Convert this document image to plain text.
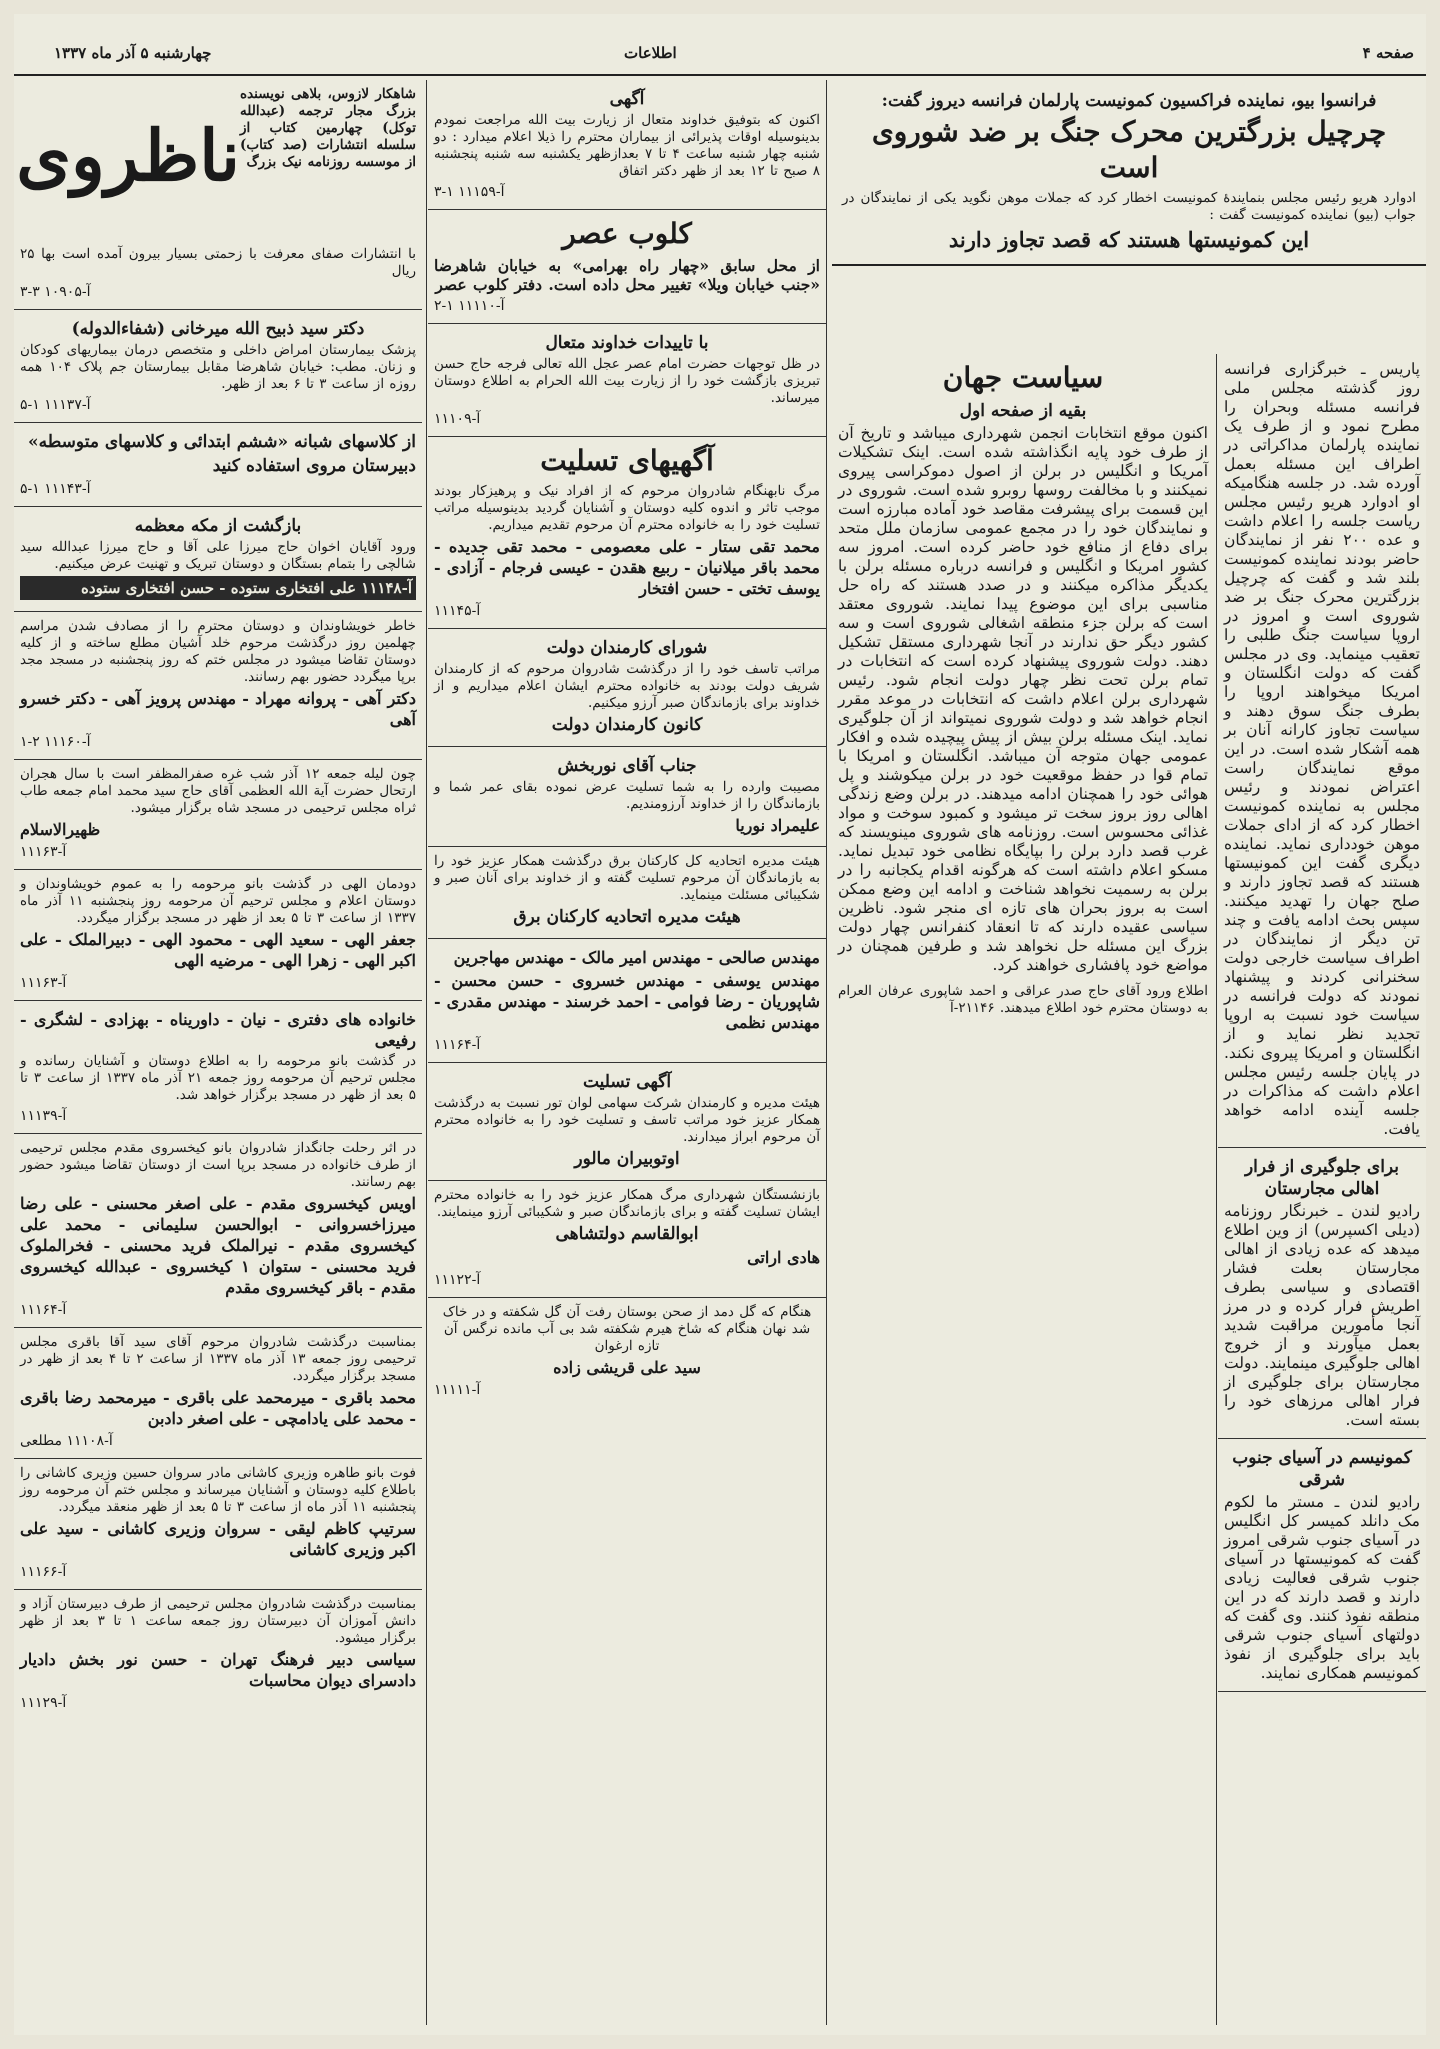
صفحه ۴
اطلاعات
چهارشنبه ۵ آذر ماه ۱۳۳۷
فرانسوا بیو، نماینده فراکسیون کمونیست پارلمان فرانسه دیروز گفت:
چرچیل بزرگترین محرک جنگ بر ضد شوروی است

ادوارد هریو رئیس مجلس بنمایندۀ کمونیست اخطار کرد که جملات موهن نگوید یکی از نمایندگان در جواب (بیو) نماینده کمونیست گفت :

این کمونیستها هستند که قصد تجاوز دارند

پاریس ـ خبرگزاری فرانسه روز گذشته مجلس ملی فرانسه مسئله وبحران را مطرح نمود و از طرف یک نماینده پارلمان مداکراتی در اطراف این مسئله بعمل آورده شد. در جلسه هنگامیکه او ادوارد هریو رئیس مجلس ریاست جلسه را اعلام داشت و عده ۲۰۰ نفر از نمایندگان حاضر بودند نماینده کمونیست بلند شد و گفت که چرچیل بزرگترین محرک جنگ بر ضد شوروی است و امروز در اروپا سیاست جنگ طلبی را تعقیب مینماید. وی در مجلس گفت که دولت انگلستان و امریکا میخواهند اروپا را بطرف جنگ سوق دهند و سیاست تجاوز کارانه آنان بر همه آشکار شده است. در این موقع نمایندگان راست اعتراض نمودند و رئیس مجلس به نماینده کمونیست اخطار کرد که از ادای جملات موهن خودداری نماید. نماینده دیگری گفت این کمونیستها هستند که قصد تجاوز دارند و صلح جهان را تهدید میکنند. سپس بحث ادامه یافت و چند تن دیگر از نمایندگان در اطراف سیاست خارجی دولت سخنرانی کردند و پیشنهاد نمودند که دولت فرانسه در سیاست خود نسبت به اروپا تجدید نظر نماید و از انگلستان و امریکا پیروی نکند. در پایان جلسه رئیس مجلس اعلام داشت که مذاکرات در جلسه آینده ادامه خواهد یافت.

برای جلوگیری از فرار اهالی مجارستان

رادیو لندن ـ خبرنگار روزنامه (دیلی اکسپرس) از وین اطلاع میدهد که عده زیادی از اهالی مجارستان بعلت فشار اقتصادی و سیاسی بطرف اطریش فرار کرده و در مرز آنجا مأمورین مراقبت شدید بعمل میآورند و از خروج اهالی جلوگیری مینمایند. دولت مجارستان برای جلوگیری از فرار اهالی مرزهای خود را بسته است.

کمونیسم در آسیای جنوب شرقی

رادیو لندن ـ مستر ما لکوم مک دانلد کمیسر کل انگلیس در آسیای جنوب شرقی امروز گفت که کمونیستها در آسیای جنوب شرقی فعالیت زیادی دارند و قصد دارند که در این منطقه نفوذ کنند. وی گفت که دولتهای آسیای جنوب شرقی باید برای جلوگیری از نفوذ کمونیسم همکاری نمایند.

سیاست جهان
بقیه از صفحه اول

اکنون موقع انتخابات انجمن شهرداری میباشد و تاریخ آن از طرف خود پایه انگذاشته شده است. اینک تشکیلات آمریکا و انگلیس در برلن از اصول دموکراسی پیروی نمیکنند و با مخالفت روسها روبرو شده است. شوروی در این قسمت برای پیشرفت مقاصد خود آماده مبارزه است و نمایندگان خود را در مجمع عمومی سازمان ملل متحد برای دفاع از منافع خود حاضر کرده است. امروز سه کشور امریکا و انگلیس و فرانسه درباره مسئله برلن با یکدیگر مذاکره میکنند و در صدد هستند که راه حل مناسبی برای این موضوع پیدا نمایند. شوروی معتقد است که برلن جزء منطقه اشغالی شوروی است و سه کشور دیگر حق ندارند در آنجا شهرداری مستقل تشکیل دهند. دولت شوروی پیشنهاد کرده است که انتخابات در تمام برلن تحت نظر چهار دولت انجام شود. رئیس شهرداری برلن اعلام داشت که انتخابات در موعد مقرر انجام خواهد شد و دولت شوروی نمیتواند از آن جلوگیری نماید. اینک مسئله برلن بیش از پیش پیچیده شده و افکار عمومی جهان متوجه آن میباشد. انگلستان و امریکا با تمام قوا در حفظ موقعیت خود در برلن میکوشند و پل هوائی خود را همچنان ادامه میدهند. در برلن وضع زندگی اهالی روز بروز سخت تر میشود و کمبود سوخت و مواد غذائی محسوس است. روزنامه های شوروی مینویسند که غرب قصد دارد برلن را بپایگاه نظامی خود تبدیل نماید. مسکو اعلام داشته است که هرگونه اقدام یکجانبه را در برلن به رسمیت نخواهد شناخت و ادامه این وضع ممکن است به بروز بحران های تازه ای منجر شود. ناظرین سیاسی عقیده دارند که تا انعقاد کنفرانس چهار دولت بزرگ این مسئله حل نخواهد شد و طرفین همچنان در مواضع خود پافشاری خواهند کرد.

اطلاع ورود آقای حاج صدر عراقی و احمد شاپوری عرفان العرام به دوستان محترم خود اطلاع میدهند. ۲۱۱۴۶-آ

آگهی

اکنون که بتوفیق خداوند متعال از زیارت بیت الله مراجعت نمودم بدینوسیله اوقات پذیرائی از بیماران محترم را ذیلا اعلام میدارد : دو شنبه چهار شنبه ساعت ۴ تا ۷ بعدازظهر یکشنبه سه شنبه پنجشنبه ۸ صبح تا ۱۲ بعد از ظهر دکتر اتفاق

آ-۱۱۱۵۹ ۱-۳
کلوب عصر

از محل سابق «چهار راه بهرامی» به خیابان شاهرضا «جنب خیابان ویلا» تغییر محل داده است. دفتر کلوب عصر

آ-۱۱۱۱۰ ۱-۲
با تاییدات خداوند متعال

در ظل توجهات حضرت امام عصر عجل الله تعالی فرجه حاج حسن تبریزی بازگشت خود را از زیارت بیت الله الحرام به اطلاع دوستان میرساند.

آ-۱۱۱۰۹
آگهیهای تسلیت

مرگ نابهنگام شادروان مرحوم که از افراد نیک و پرهیزکار بودند موجب تاثر و اندوه کلیه دوستان و آشنایان گردید بدینوسیله مراتب تسلیت خود را به خانواده محترم آن مرحوم تقدیم میداریم.

محمد تقی ستار - علی معصومی - محمد تقی جدیده - محمد باقر میلانیان - ربیع هقدن - عیسی فرجام - آزادی - یوسف تختی - حسن افتخار
آ-۱۱۱۴۵
شورای کارمندان دولت

مراتب تاسف خود را از درگذشت شادروان مرحوم که از کارمندان شریف دولت بودند به خانواده محترم ایشان اعلام میداریم و از خداوند برای بازماندگان صبر آرزو میکنیم.

کانون کارمندان دولت
جناب آقای نوربخش

مصیبت وارده را به شما تسلیت عرض نموده بقای عمر شما و بازماندگان را از خداوند آرزومندیم.

علیمراد نوریا

هیئت مدیره اتحادیه کل کارکنان برق درگذشت همکار عزیز خود را به بازماندگان آن مرحوم تسلیت گفته و از خداوند برای آنان صبر و شکیبائی مسئلت مینماید.

هیئت مدیره اتحادیه کارکنان برق
مهندس صالحی - مهندس امیر مالک - مهندس مهاجرین
مهندس یوسفی - مهندس خسروی - حسن محسن - شاپوریان - رضا فوامی - احمد خرسند - مهندس مقدری - مهندس نظمی
آ-۱۱۱۶۴
آگهی تسلیت

هیئت مدیره و کارمندان شرکت سهامی لوان تور نسبت به درگذشت همکار عزیز خود مراتب تاسف و تسلیت خود را به خانواده محترم آن مرحوم ابراز میدارند.

اوتوبیران مالور

بازنشستگان شهرداری مرگ همکار عزیز خود را به خانواده محترم ایشان تسلیت گفته و برای بازماندگان صبر و شکیبائی آرزو مینمایند.

ابوالقاسم دولتشاهی
هادی اراتی
آ-۱۱۱۲۲

هنگام که گل دمد از صحن بوستان رفت آن گل شکفته و در خاک شد نهان هنگام که شاخ هیرم شکفته شد بی آب مانده نرگس آن تازه ارغوان

سید علی قریشی زاده
آ-۱۱۱۱۱

شاهکار لازوس، بلاهی نویسنده بزرگ مجار ترجمه (عبدالله توکل) چهارمین کتاب از سلسله انتشارات (صد کتاب) از موسسه روزنامه نیک بزرگ

ناظروی

با انتشارات صفای معرفت با زحمتی بسیار بیرون آمده است بها ۲۵ ریال

آ-۱۰۹۰۵ ۳-۳
دکتر سید ذبیح الله میرخانی (شفاءالدوله)

پزشک بیمارستان امراض داخلی و متخصص درمان بیماریهای کودکان و زنان. مطب: خیابان شاهرضا مقابل بیمارستان جم پلاک ۱۰۴ همه روزه از ساعت ۳ تا ۶ بعد از ظهر.

آ-۱۱۱۳۷ ۱-۵
از کلاسهای شبانه «ششم ابتدائی و کلاسهای متوسطه»
دبیرستان مروی استفاده کنید
آ-۱۱۱۴۳ ۱-۵
بازگشت از مکه معظمه

ورود آقایان اخوان حاج میرزا علی آقا و حاج میرزا عبدالله سید شالچی را بتمام بستگان و دوستان تبریک و تهنیت عرض میکنیم.

آ-۱۱۱۴۸ علی افتخاری ستوده - حسن افتخاری ستوده

خاطر خویشاوندان و دوستان محترم را از مصادف شدن مراسم چهلمین روز درگذشت مرحوم خلد آشیان مطلع ساخته و از کلیه دوستان تقاضا میشود در مجلس ختم که روز پنجشنبه در مسجد مجد برپا میگردد حضور بهم رسانند.

دکتر آهی - پروانه مهراد - مهندس پرویز آهی - دکتر خسرو آهی
آ-۱۱۱۶۰ ۲-۱

چون لیله جمعه ۱۲ آذر شب غره صفرالمظفر است با سال هجران ارتحال حضرت آیة الله العظمی آقای حاج سید محمد امام جمعه طاب ثراه مجلس ترحیمی در مسجد شاه برگزار میشود.

ظهیرالاسلام
آ-۱۱۱۶۳

دودمان الهی در گذشت بانو مرحومه را به عموم خویشاوندان و دوستان اعلام و مجلس ترحیم آن مرحومه روز پنجشنبه ۱۱ آذر ماه ۱۳۳۷ از ساعت ۳ تا ۵ بعد از ظهر در مسجد برگزار میگردد.

جعفر الهی - سعید الهی - محمود الهی - دبیرالملک - علی اکبر الهی - زهرا الهی - مرضیه الهی
آ-۱۱۱۶۳
خانواده های دفتری - نیان - داوریناه - بهزادی - لشگری - رفیعی

در گذشت بانو مرحومه را به اطلاع دوستان و آشنایان رسانده و مجلس ترحیم آن مرحومه روز جمعه ۲۱ آذر ماه ۱۳۳۷ از ساعت ۳ تا ۵ بعد از ظهر در مسجد برگزار خواهد شد.

آ-۱۱۱۳۹

در اثر رحلت جانگداز شادروان بانو کیخسروی مقدم مجلس ترحیمی از طرف خانواده در مسجد برپا است از دوستان تقاضا میشود حضور بهم رسانند.

اویس کیخسروی مقدم - علی اصغر محسنی - علی رضا میرزاخسروانی - ابوالحسن سلیمانی - محمد علی کیخسروی مقدم - نیرالملک فرید محسنی - فخرالملوک فرید محسنی - ستوان ۱ کیخسروی - عبدالله کیخسروی مقدم - باقر کیخسروی مقدم
آ-۱۱۱۶۴

بمناسبت درگذشت شادروان مرحوم آقای سید آقا باقری مجلس ترحیمی روز جمعه ۱۳ آذر ماه ۱۳۳۷ از ساعت ۲ تا ۴ بعد از ظهر در مسجد برگزار میگردد.

محمد باقری - میرمحمد علی باقری - میرمحمد رضا باقری - محمد علی یادامچی - علی اصغر دادبن
آ-۱۱۱۰۸ مطلعی

فوت بانو طاهره وزیری کاشانی مادر سروان حسین وزیری کاشانی را باطلاع کلیه دوستان و آشنایان میرساند و مجلس ختم آن مرحومه روز پنجشنبه ۱۱ آذر ماه از ساعت ۳ تا ۵ بعد از ظهر منعقد میگردد.

سرتیپ کاظم لیقی - سروان وزیری کاشانی - سید علی اکبر وزیری کاشانی
آ-۱۱۱۶۶

بمناسبت درگذشت شادروان مجلس ترحیمی از طرف دبیرستان آزاد و دانش آموزان آن دبیرستان روز جمعه ساعت ۱ تا ۳ بعد از ظهر برگزار میشود.

سیاسی دبیر فرهنگ تهران - حسن نور بخش دادیار دادسرای دیوان محاسبات
آ-۱۱۱۲۹
